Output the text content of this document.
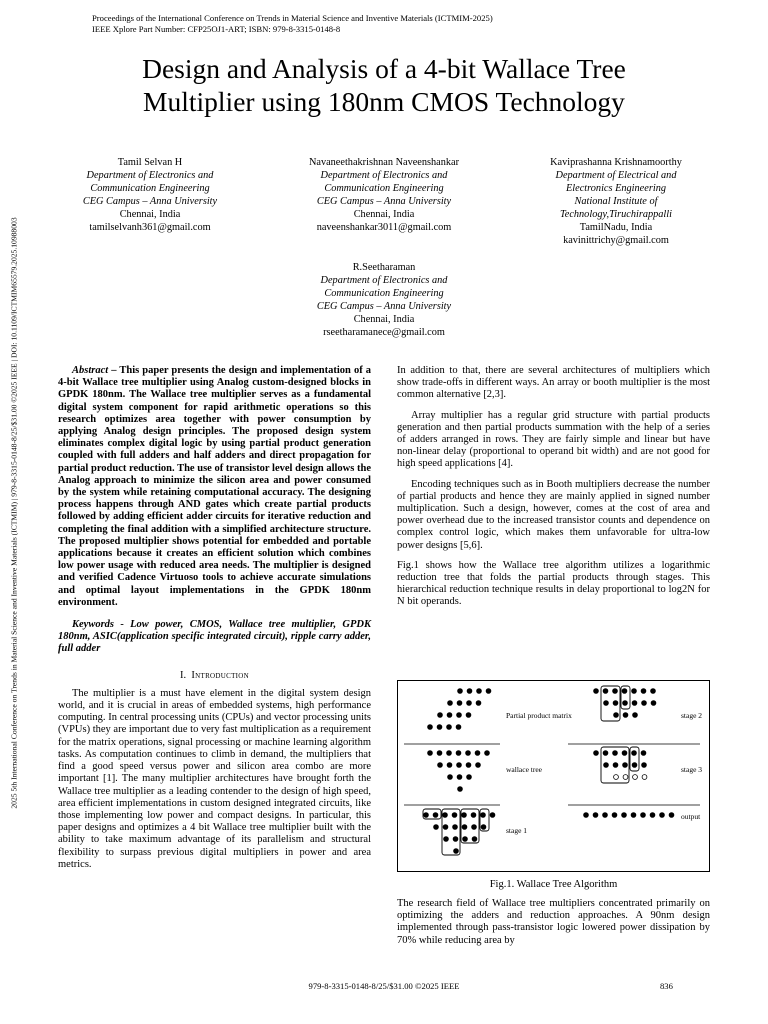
Proceedings of the International Conference on Trends in Material Science and Inventive Materials (ICTMIM-2025)
IEEE Xplore Part Number: CFP25OJ1-ART; ISBN: 979-8-3315-0148-8
Design and Analysis of a 4-bit Wallace Tree
Multiplier using 180nm CMOS Technology
Tamil Selvan H
Department of Electronics and
Communication Engineering
CEG Campus – Anna University
Chennai, India
tamilselvanh361@gmail.com
Navaneethakrishnan Naveenshankar
Department of Electronics and
Communication Engineering
CEG Campus – Anna University
Chennai, India
naveenshankar3011@gmail.com
Kaviprashanna Krishnamoorthy
Department of Electrical and
Electronics Engineering
National Institute of
Technology,Tiruchirappalli
TamilNadu, India
kavinittrichy@gmail.com
R.Seetharaman
Department of Electronics and
Communication Engineering
CEG Campus – Anna University
Chennai, India
rseetharamanece@gmail.com
2025 5th International Conference on Trends in Material Science and Inventive Materials (ICTMIM) | 979-8-3315-0148-8/25/$31.00 ©2025 IEEE | DOI: 10.1109/ICTMIM65579.2025.10988003	Abstract – This paper presents the design and implementation of a 4-bit Wallace tree multiplier using Analog custom-designed blocks in GPDK 180nm. The Wallace tree multiplier serves as a fundamental digital system component for rapid arithmetic operations so this research optimizes area together with power consumption by applying Analog design principles. The proposed design system eliminates complex digital logic by using partial product generation coupled with full adders and half adders and direct propagation for partial product reduction. The use of transistor level design allows the Analog approach to minimize the silicon area and power consumed by the system while retaining computational accuracy. The designing process happens through AND gates which create partial products followed by adding efficient adder circuits for iterative reduction and completing the final addition with a simplified architecture structure. The proposed multiplier shows potential for embedded and portable applications because it creates an efficient solution which combines low power usage with reduced area needs. The multiplier is designed and verified Cadence Virtuoso tools to achieve accurate simulations and optimal layout implementations in the GPDK 180nm environment.

Keywords - Low power, CMOS, Wallace tree multiplier, GPDK 180nm, ASIC(application specific integrated circuit), ripple carry adder, full adder

I. Introduction

The multiplier is a must have element in the digital system design world, and it is crucial in areas of embedded systems, high performance computing. In central processing units (CPUs) and vector processing units (VPUs) they are important due to very fast multiplication as a requirement for the matrix operations, signal processing or machine learning algorithm tasks. As computation continues to climb in demand, the multipliers that find a good speed versus power and silicon area combo are more important [1]. The many multiplier architectures have brought forth the Wallace tree multiplier as a leading contender to the design of high speed, area efficient implementations in custom designed integrated circuits, like those implementing low power and compact designs. In particular, this paper designs and optimizes a 4 bit Wallace tree multiplier built with the ability to take maximum advantage of its parallelism and structural flexibility to surpass previous digital multipliers in power and area metrics.

In addition to that, there are several architectures of multipliers which show trade-offs in different ways. An array or booth multiplier is the most common alternative [2,3].

Array multiplier has a regular grid structure with partial products generation and then partial products summation with the help of a series of adders arranged in rows. They are fairly simple and linear but have non-linear delay (proportional to operand bit width) and are not good for high speed applications [4].

Encoding techniques such as in Booth multipliers decrease the number of partial products and hence they are mainly applied in signed number multiplication. Such a design, however, comes at the cost of area and power overhead due to the increased transistor counts and dependence on complex control logic, which makes them unfavorable for ultra-low power designs [5,6].

Fig.1 shows how the Wallace tree algorithm utilizes a logarithmic reduction tree that folds the partial products through stages. This hierarchical reduction technique results in delay proportional to log2N for N bit operands.

Partial product matrix
wallace tree
stage 1
stage 2
stage 3
output
Fig.1. Wallace Tree Algorithm

The research field of Wallace tree multipliers concentrated primarily on optimizing the adders and reduction approaches. A 90nm design implemented through pass-transistor logic lowered power dissipation by 70% while reducing area by

979-8-3315-0148-8/25/$31.00 ©2025 IEEE	836
